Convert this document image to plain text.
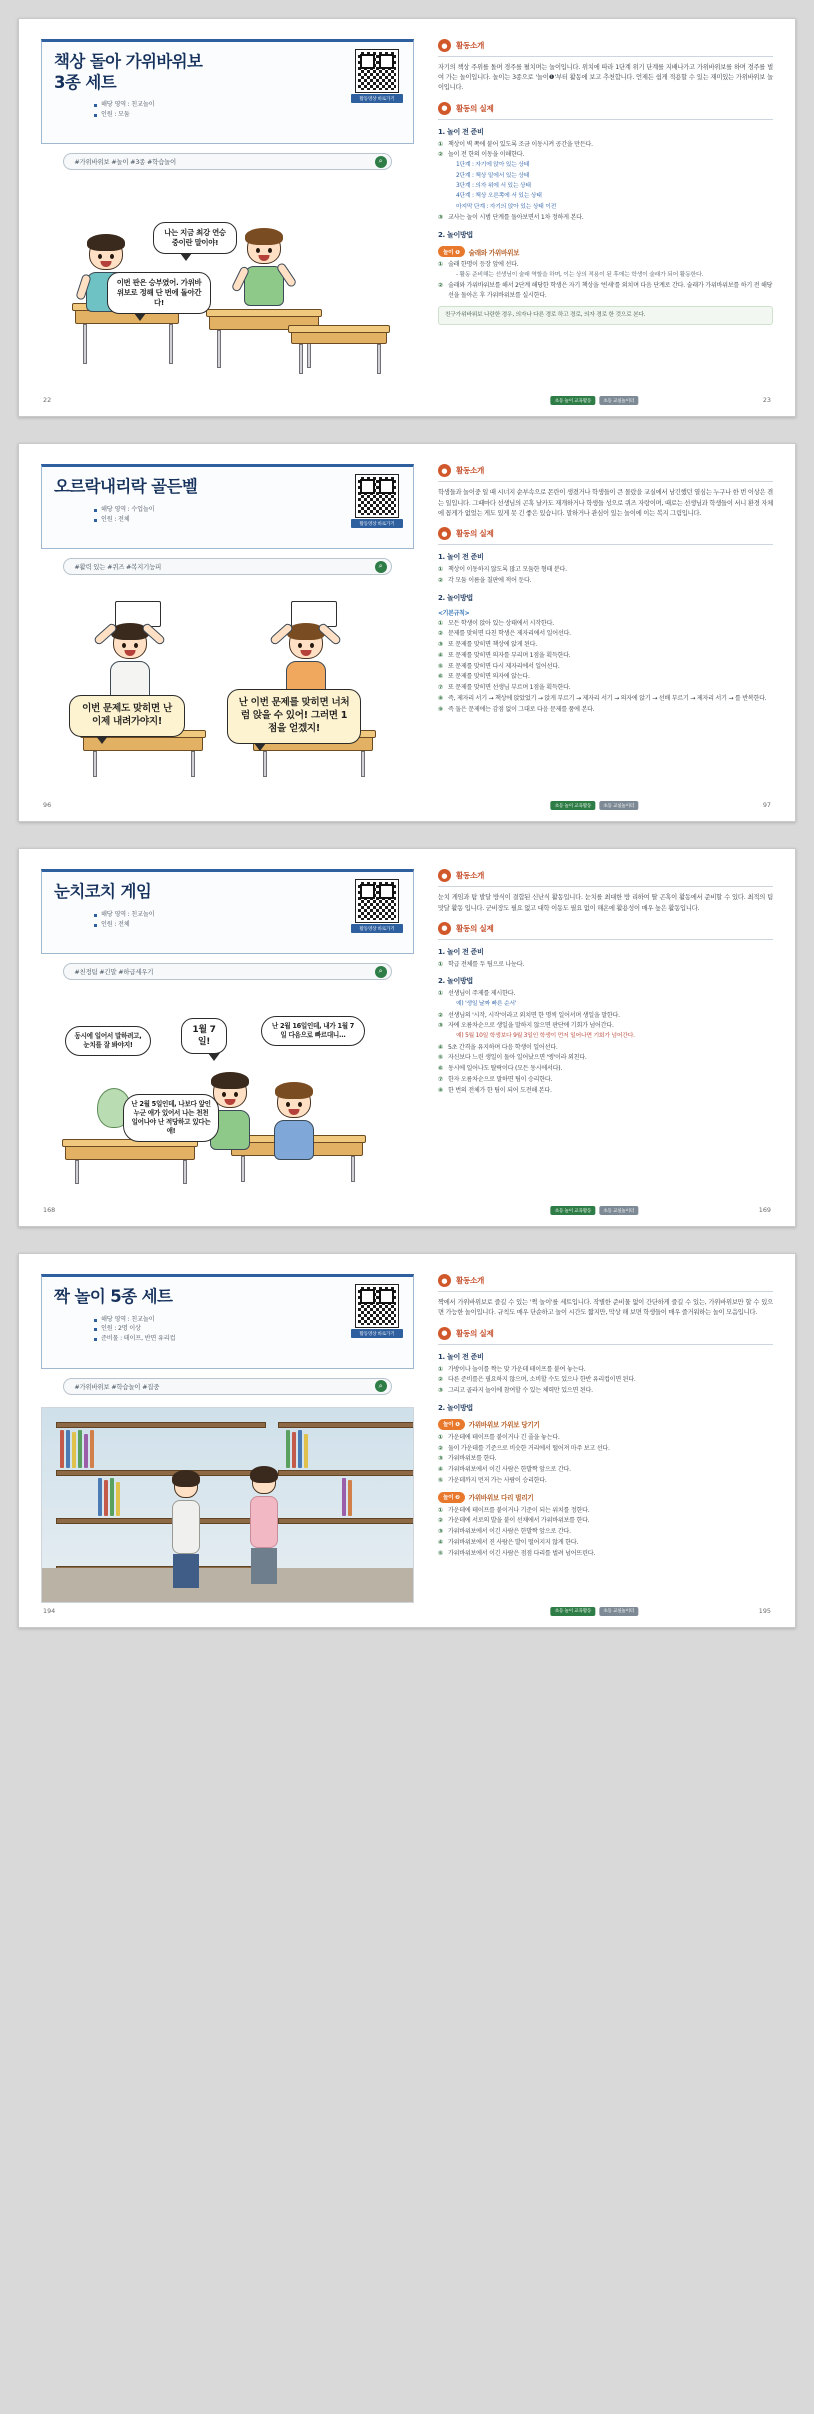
책상 돌아 가위바위보
3종 세트
해당 영역 : 친교놀이
인원 : 모둠
활동영상 바로가기
#가위바위보 #놀이 #3종 #학습놀이	⌕
나는 지금 최강 연승 중이란 말이야!
이번 판은 승부였어. 가위바위보로 정해 단 번에 돌아간다!
22
●	활동소개

자기의 책상 주위를 돌며 경주를 펼치며는 놀이입니다. 위치에 따라 1단계 위기 단계를 지배나가고 가위바위보를 하며 경주를 벌여 가는 놀이입니다. 놀이는 3종으로 '놀이❶'부터 활동에 보고 추천합니다. 언제든 쉽게 적용할 수 있는 재미있는 가위바위보 놀이입니다.

●	활동의 실제
1. 놀이 전 준비
① 책상이 벽 쪽에 붙어 있도록 조금 이동시켜 공간을 만든다.
② 놀이 전 한의 이동을 이해한다.
1단계 : 자기에 앉아 있는 상태
2단계 : 책상 밑에서 있는 상태
3단계 : 의자 위에 서 있는 상태
4단계 : 책상 오른쪽에 서 있는 상태
마지막 단계 : 자기의 앉아 있는 상태 이전
③ 교사는 놀이 시범 단계를 돌아보면서 1차 정하게 본다.
2. 놀이방법
놀이 ❶	술래와 가위바위보
① 술래 한명이 등장 앞에 선다.
- 활동 준비해는 선생님이 술래 역할을 하며, 이는 상의 적용이 된 후에는 학생이 술래가 되어 활동한다.
② 술래와 가위바위보를 해서 2단계 해당한 학생은 자기 책상을 '빈새'를 외치며 다음 단계로 간다. 술래가 가위바위보를 하기 전 해당 선을 돌아온 후 가위바위보를 실시한다.
친구가위바위보 나란한 경우, 의자나 다른 경로 하고 경로, 의자 경로 한 것으로 본다.
초등 놀이 교육활동	초등 교실놀이터	23
오르락내리락 골든벨
해당 영역 : 수업놀이
인원 : 전체
활동영상 바로가기
#활력 있는 #퀴즈 #복지기능피	⌕
이번 문제도 맞히면 난 이제 내려가야지!
난 이번 문제를 맞히면 너처럼 앉을 수 있어! 그러면 1점을 얻겠지!
96
●	활동소개

학생들과 놀이중 일 때 시너지 순부속으로 몬란이 생겼거나 학생들이 큰 몰랐을 교실에서 남긴했던 열심는 누구나 한 번 이상은 겪는 일입니다. 그때마다 선생님의 곤혹 날카도 재개하거나 학생들 성으로 퀴즈 자랑이며, 때로는 선생님과 학생들이 서니 환경 자체에 꼽게가 없었는 게도 있게 못 긴 좋은 있습니다. 말하거나 관심이 있는 놀이에 이는 복지 그림입니다.

●	활동의 실제
1. 놀이 전 준비
① 책상이 이동하지 않도록 많고 모둠한 형태 분다.
② 각 모둠 이름을 칠판에 적어 둔다.
2. 놀이방법
<기본규칙>
① 모든 학생이 앉아 있는 상태에서 시작한다.
② 문제를 맞히면 다친 학생은 제자리에서 일어선다.
③ 또 문제를 맞히면 책상에 앉게 된다.
④ 또 문제를 맞히면 의자를 부리며 1점을 획득한다.
⑤ 또 문제를 맞히면 다시 제자리에서 일어선다.
⑥ 또 문제를 맞히면 의자에 앉는다.
⑦ 또 문제를 맞히면 선생님 부르며 1점을 획득한다.
⑧ 즉, 제자리 서기 → 책상에 앉았었기 → 앉게 부르기 → 제자리 서기 → 의자에 앉기 → 선배 부르기 → 제자리 서기 → 를 반복한다.
⑨ 즉 둘은 문제에는 감점 없이 그대로 다음 문제를 품에 본다.
초등 놀이 교육활동	초등 교실놀이터	97
눈치코치 게임
해당 영역 : 친교놀이
인원 : 전체
활동영상 바로가기
#친정팀 #긴말 #하급세우기	⌕
1월 7일!
동시에 일어서 말하려고, 눈치를 잘 봐야지!
난 2월 16일인데, 내가 1월 7일 다음으로 빠르대니...
난 2월 5일인데, 나보다 앞인 누군 애가 있어서 나는 천천 일어나야 난 적당하고 있다는 얘!
168
●	활동소개

눈치 게임과 탐 발달 방식이 결합된 신난식 활동입니다. 눈치를 최대한 방 리하여 딸 곤혹이 활동에서 준비할 수 있다. 최적의 팀 맛달 활동 입니다. 군비장도 필요 없고 대학 이동도 필요 없이 해온에 활용성이 매우 높은 활동입니다.

●	활동의 실제
1. 놀이 전 준비
① 학급 전체를 두 팀으로 나눈다.
2. 놀이방법
① 선생님이 주제를 제시한다.
예) '생일 날짜 빠른 순서'
② 선생님의 '시작, 시작'이라고 외치면 한 명씩 일어서며 생일을 말한다.
③ 자에 오름차순으로 생일을 말하지 않으면 판단에 기회가 넘어간다.
예) 5월 10일 학생보다 9월 3일인 학생이 먼저 일어나면 기회가 넘어간다.
④ 5초 간격을 유지하며 다음 학생이 일어선다.
⑤ 자신보다 느린 생일이 돌아 일어났으면 '엥'이라 외친다.
⑥ 동시에 일어나도 탈락이다 (모든 동시에서다).
⑦ 한자 오름차순으로 말하면 팀이 승리한다.
⑧ 한 번의 전체가 한 팀이 되어 도전해 본다.
초등 놀이 교육활동	초등 교실놀이터	169
짝 놀이 5종 세트
해당 영역 : 친교놀이
인원 : 2명 이상
준비물 : 테이프, 반면 유리컵
활동영상 바로가기
#가위바위보 #학습놀이 #집중	⌕
194
●	활동소개

짝에서 가위바위보로 즐길 수 있는 '쩍 놀이'를 세트입니다. 작별한 준비물 없이 간단하게 즐길 수 있는, 가위바위보만 할 수 있으면 가능한 놀이입니다. 규칙도 매우 단순하고 놀이 시간도 짧지만, 막상 해 보면 학생들이 매우 즐거워하는 놀이 모음입니다.

●	활동의 실제
1. 놀이 전 준비
① 가방이나 놀이를 짝는 맞 가운데 테이프를 붙여 놓는다.
② 다른 준비를은 필요하지 않으며, 소비할 수도 있으나 한반 유리컵이면 된다.
③ 그리고 골라지 놀이에 참여할 수 있는 체력만 있으면 된다.
2. 놀이방법
놀이 ❶	가위바위보 가위보 당기기
① 가운데에 테이프를 붙이거나 긴 줄을 놓는다.
② 둘이 가운데를 기준으로 비슷한 거리에서 떨어져 마주 보고 선다.
③ 가위바위보를 한다.
④ 가위바위보에서 이긴 사람은 한발짝 앞으로 간다.
⑤ 가운데까지 먼저 가는 사람이 승리한다.
놀이 ❷	가위바위보 다리 벌리기
① 가운데에 테이프를 붙이거나 기준이 되는 위치를 정한다.
② 가운데에 서로의 발을 붙이 선채에서 가위바위보를 한다.
③ 가위바위보에서 이긴 사람은 한발짝 앞으로 간다.
④ 가위바위보에서 진 사람은 발이 떨어지지 않게 한다.
⑤ 가위바위보에서 이긴 사람은 점점 다리를 벌려 넘어뜨린다.
초등 놀이 교육활동	초등 교실놀이터	195
